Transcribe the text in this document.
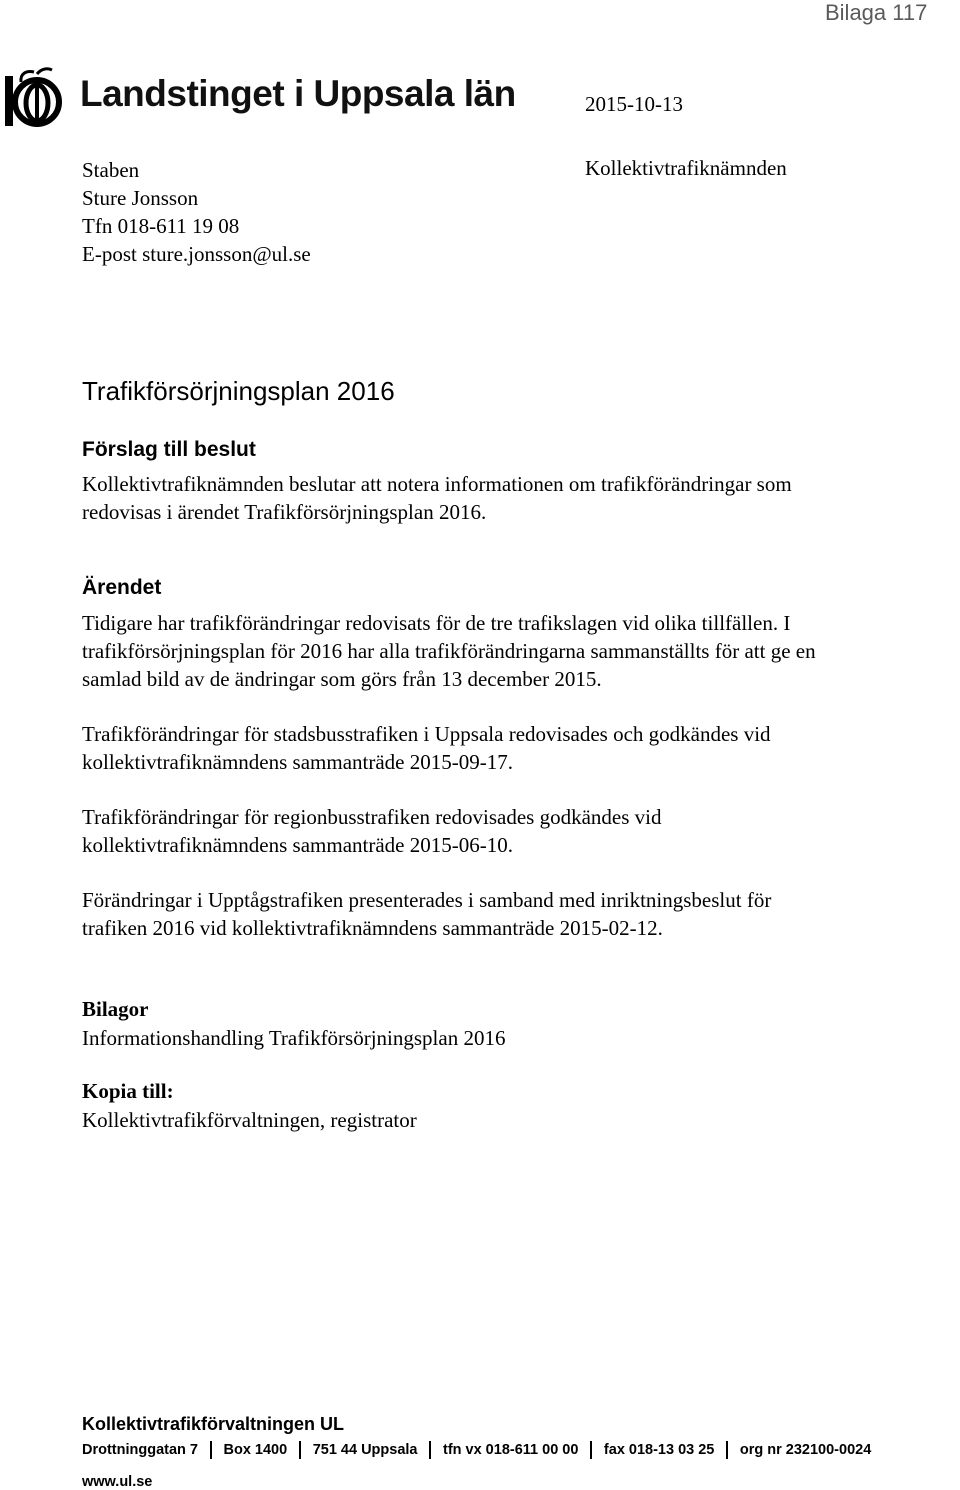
Bilaga 117
Landstinget i Uppsala län	2015-10-13
Kollektivtrafiknämnden
Staben
Sture Jonsson
Tfn 018-611 19 08
E-post sture.jonsson@ul.se
Trafikförsörjningsplan 2016
Förslag till beslut
Kollektivtrafiknämnden beslutar att notera informationen om trafikförändringar som
redovisas i ärendet Trafikförsörjningsplan 2016.
Ärendet
Tidigare har trafikförändringar redovisats för de tre trafikslagen vid olika tillfällen. I
trafikförsörjningsplan för 2016 har alla trafikförändringarna sammanställts för att ge en
samlad bild av de ändringar som görs från 13 december 2015.
Trafikförändringar för stadsbusstrafiken i Uppsala redovisades och godkändes vid
kollektivtrafiknämndens sammanträde 2015-09-17.
Trafikförändringar för regionbusstrafiken redovisades godkändes vid
kollektivtrafiknämndens sammanträde 2015-06-10.
Förändringar i Upptågstrafiken presenterades i samband med inriktningsbeslut för
trafiken 2016 vid kollektivtrafiknämndens sammanträde 2015-02-12.
Bilagor
Informationshandling Trafikförsörjningsplan 2016
Kopia till:
Kollektivtrafikförvaltningen, registrator
Kollektivtrafikförvaltningen UL
Drottninggatan 7 Box 1400 751 44 Uppsala tfn vx 018-611 00 00 fax 018-13 03 25 org nr 232100-0024
www.ul.se
